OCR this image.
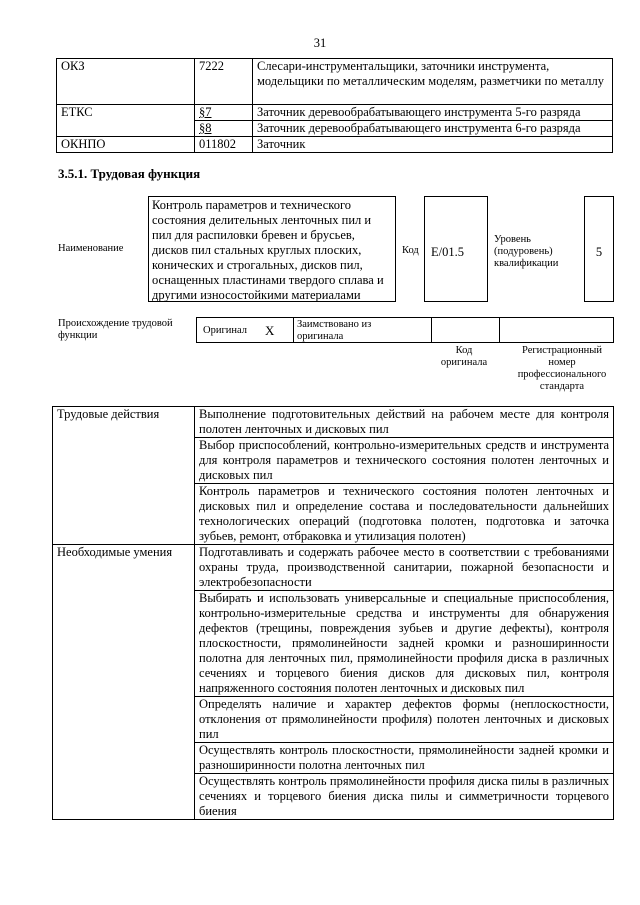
31
ОКЗ	7222	Слесари-инструментальщики, заточники инструмента, модельщики по металлическим моделям, разметчики по металлу
ЕТКС	§7	Заточник деревообрабатывающего инструмента 5-го разряда
	§8	Заточник деревообрабатывающего инструмента 6-го разряда
ОКНПО	011802	Заточник
3.5.1. Трудовая функция
Наименование
Контроль параметров и технического состояния делительных ленточных пил и пил для распиловки бревен и брусьев, дисков пил стальных круглых плоских, конических и строгальных, дисков пил, оснащенных пластинами твердого сплава и другими износостойкими материалами
Код E/01.5
Уровень (подуровень) квалификации
5
Происхождение трудовой функции	Оригинал X Заимствовано из оригинала
Код оригинала
Регистрационный номер профессионального стандарта
Трудовые действия	Выполнение подготовительных действий на рабочем месте для контроля полотен ленточных и дисковых пил
	Выбор приспособлений, контрольно-измерительных средств и инструмента для контроля параметров и технического состояния полотен ленточных и дисковых пил
	Контроль параметров и технического состояния полотен ленточных и дисковых пил и определение состава и последовательности дальнейших технологических операций (подготовка полотен, подготовка и заточка зубьев, ремонт, отбраковка и утилизация полотен)
Необходимые умения	Подготавливать и содержать рабочее место в соответствии с требованиями охраны труда, производственной санитарии, пожарной безопасности и электробезопасности
	Выбирать и использовать универсальные и специальные приспособления, контрольно-измерительные средства и инструменты для обнаружения дефектов (трещины, повреждения зубьев и другие дефекты), контроля плоскостности, прямолинейности задней кромки и разноширинности полотна для ленточных пил, прямолинейности профиля диска в различных сечениях и торцевого биения дисков для дисковых пил, контроля напряженного состояния полотен ленточных и дисковых пил
	Определять наличие и характер дефектов формы (неплоскостности, отклонения от прямолинейности профиля) полотен ленточных и дисковых пил
	Осуществлять контроль плоскостности, прямолинейности задней кромки и разноширинности полотна ленточных пил
	Осуществлять контроль прямолинейности профиля диска пилы в различных сечениях и торцевого биения диска пилы и симметричности торцевого биения
